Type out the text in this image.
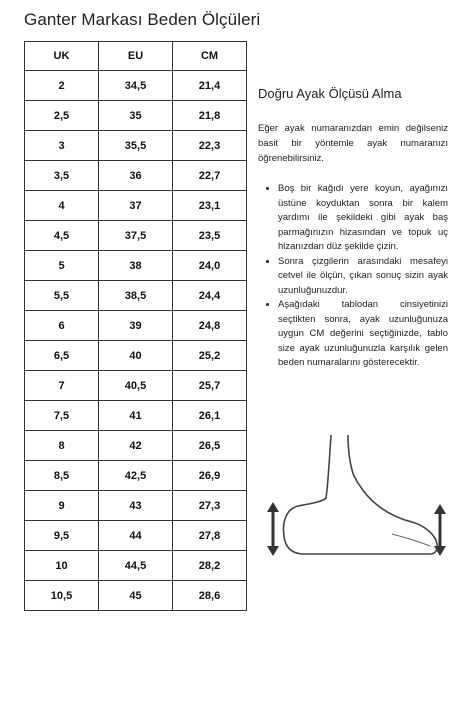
Ganter Markası Beden Ölçüleri
UK	EU	CM
2	34,5	21,4
2,5	35	21,8
3	35,5	22,3
3,5	36	22,7
4	37	23,1
4,5	37,5	23,5
5	38	24,0
5,5	38,5	24,4
6	39	24,8
6,5	40	25,2
7	40,5	25,7
7,5	41	26,1
8	42	26,5
8,5	42,5	26,9
9	43	27,3
9,5	44	27,8
10	44,5	28,2
10,5	45	28,6
Doğru Ayak Ölçüsü Alma

Eğer ayak numaranızdan emin değilseniz basit bir yöntemle ayak numaranızı öğrenebilirsiniz.

• Boş bir kağıdı yere koyun, ayağınızı üstüne koyduktan sonra bir kalem yardımı ile şekildeki gibi ayak baş parmağınızın hizasından ve topuk uç hizanızdan düz şekilde çizin.
• Sonra çizgilerin arasındaki mesafeyi cetvel ile ölçün, çıkan sonuç sizin ayak uzunluğunuzdur.
• Aşağıdaki tablodan cinsiyetinizi seçtikten sonra, ayak uzunluğunuza uygun CM değerini seçtiğinizde, tablo size ayak uzunluğunuzla karşılık gelen beden numaralarını gösterecektir.
